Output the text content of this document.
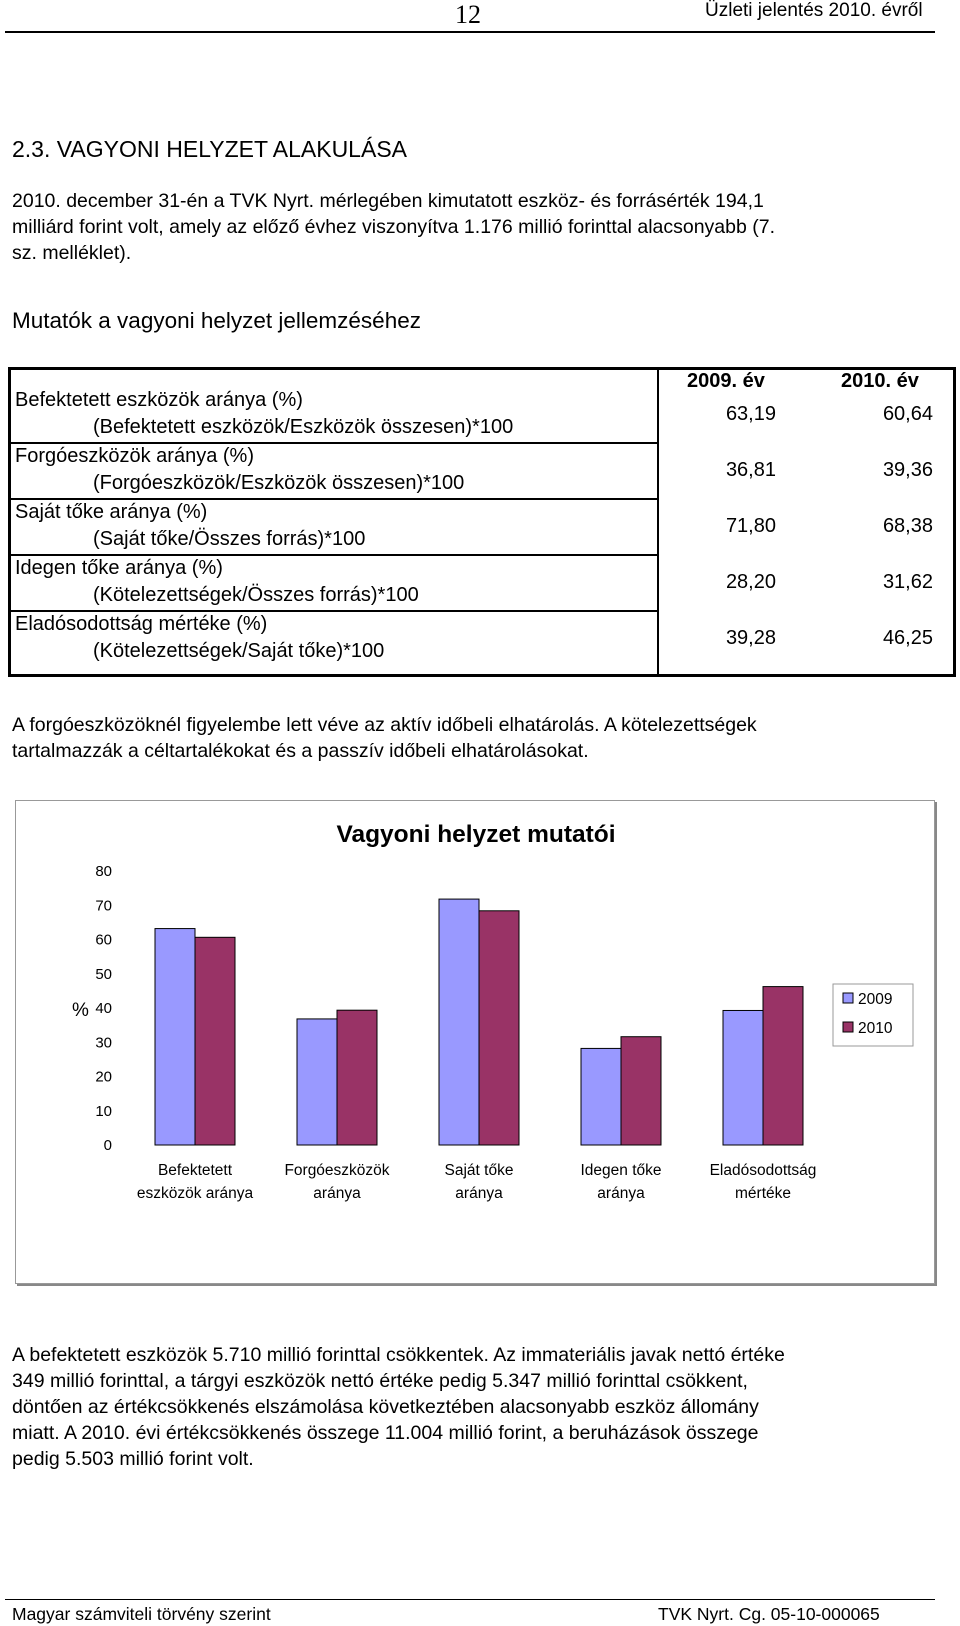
12	Üzleti jelentés 2010. évről
2.3. VAGYONI HELYZET ALAKULÁSA
2010. december 31-én a TVK Nyrt. mérlegében kimutatott eszköz- és forrásérték 194,1
milliárd forint volt, amely az előző évhez viszonyítva 1.176 millió forinttal alacsonyabb (7.
sz. melléklet).
Mutatók a vagyoni helyzet jellemzéséhez
2009. év	2010. év
Befektetett eszközök aránya (%)
(Befektetett eszközök/Eszközök összesen)*100
63,19	60,64
Forgóeszközök aránya (%)
(Forgóeszközök/Eszközök összesen)*100
36,81	39,36
Saját tőke aránya (%)
(Saját tőke/Összes forrás)*100
71,80	68,38
Idegen tőke aránya (%)
(Kötelezettségek/Összes forrás)*100
28,20	31,62
Eladósodottság mértéke (%)
(Kötelezettségek/Saját tőke)*100
39,28	46,25
A forgóeszközöknél figyelembe lett véve az aktív időbeli elhatárolás. A kötelezettségek
tartalmazzák a céltartalékokat és a passzív időbeli elhatárolásokat.
Vagyoni helyzet mutatói
0
10
20
30
40
50
60
70
80
%
Befektetett
eszközök aránya
Forgóeszközök
aránya
Saját tőke
aránya
Idegen tőke
aránya
Eladósodottság
mértéke
2009
2010
A befektetett eszközök 5.710 millió forinttal csökkentek. Az immateriális javak nettó értéke
349 millió forinttal, a tárgyi eszközök nettó értéke pedig 5.347 millió forinttal csökkent,
döntően az értékcsökkenés elszámolása következtében alacsonyabb eszköz állomány
miatt. A 2010. évi értékcsökkenés összege 11.004 millió forint, a beruházások összege
pedig 5.503 millió forint volt.
Magyar számviteli törvény szerint	TVK Nyrt. Cg. 05-10-000065
